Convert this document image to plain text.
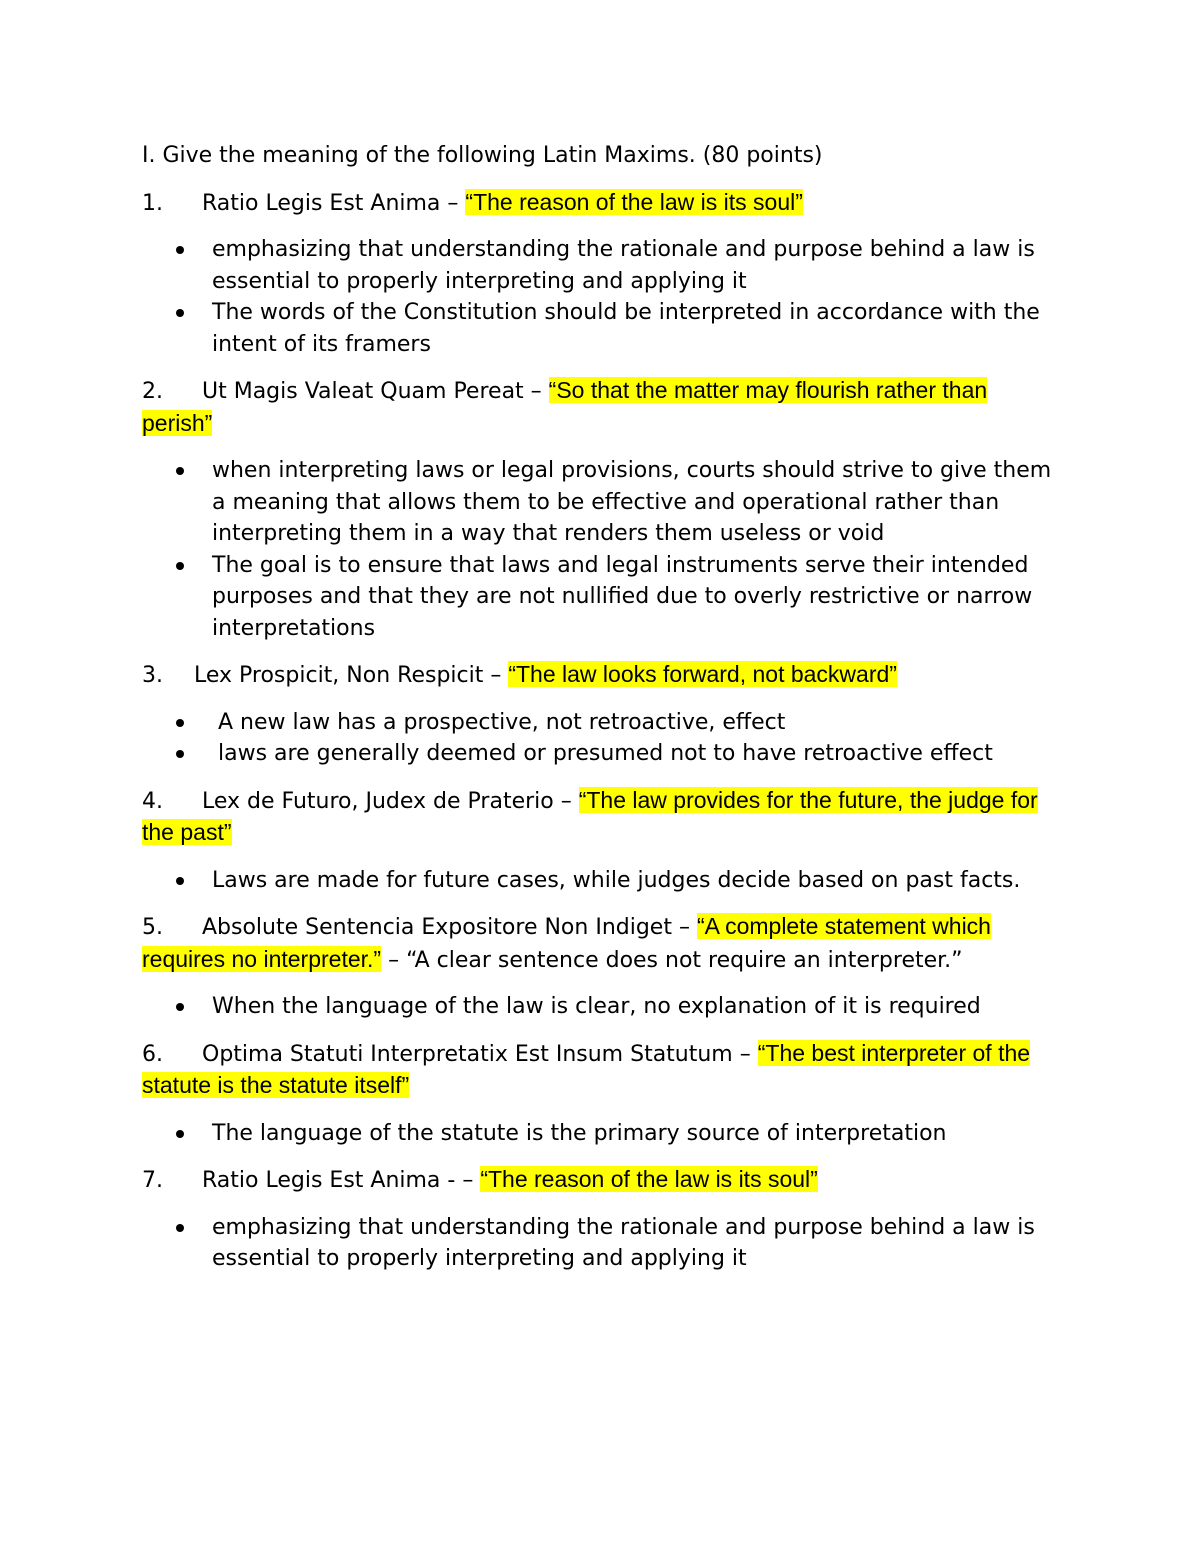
I. Give the meaning of the following Latin Maxims. (80 points)

1. Ratio Legis Est Anima – “The reason of the law is its soul”

emphasizing that understanding the rationale and purpose behind a law is essential to properly interpreting and applying it
The words of the Constitution should be interpreted in accordance with the intent of its framers

2. Ut Magis Valeat Quam Pereat – “So that the matter may flourish rather than perish”

when interpreting laws or legal provisions, courts should strive to give them a meaning that allows them to be effective and operational rather than interpreting them in a way that renders them useless or void
The goal is to ensure that laws and legal instruments serve their intended purposes and that they are not nullified due to overly restrictive or narrow interpretations

3. Lex Prospicit, Non Respicit – “The law looks forward, not backward”

A new law has a prospective, not retroactive, effect
laws are generally deemed or presumed not to have retroactive effect

4. Lex de Futuro, Judex de Praterio – “The law provides for the future, the judge for the past”

Laws are made for future cases, while judges decide based on past facts.

5. Absolute Sentencia Expositore Non Indiget – “A complete statement which requires no interpreter.” – “A clear sentence does not require an interpreter.”

When the language of the law is clear, no explanation of it is required

6. Optima Statuti Interpretatix Est Insum Statutum – “The best interpreter of the statute is the statute itself”

The language of the statute is the primary source of interpretation

7. Ratio Legis Est Anima - – “The reason of the law is its soul”

emphasizing that understanding the rationale and purpose behind a law is essential to properly interpreting and applying it
